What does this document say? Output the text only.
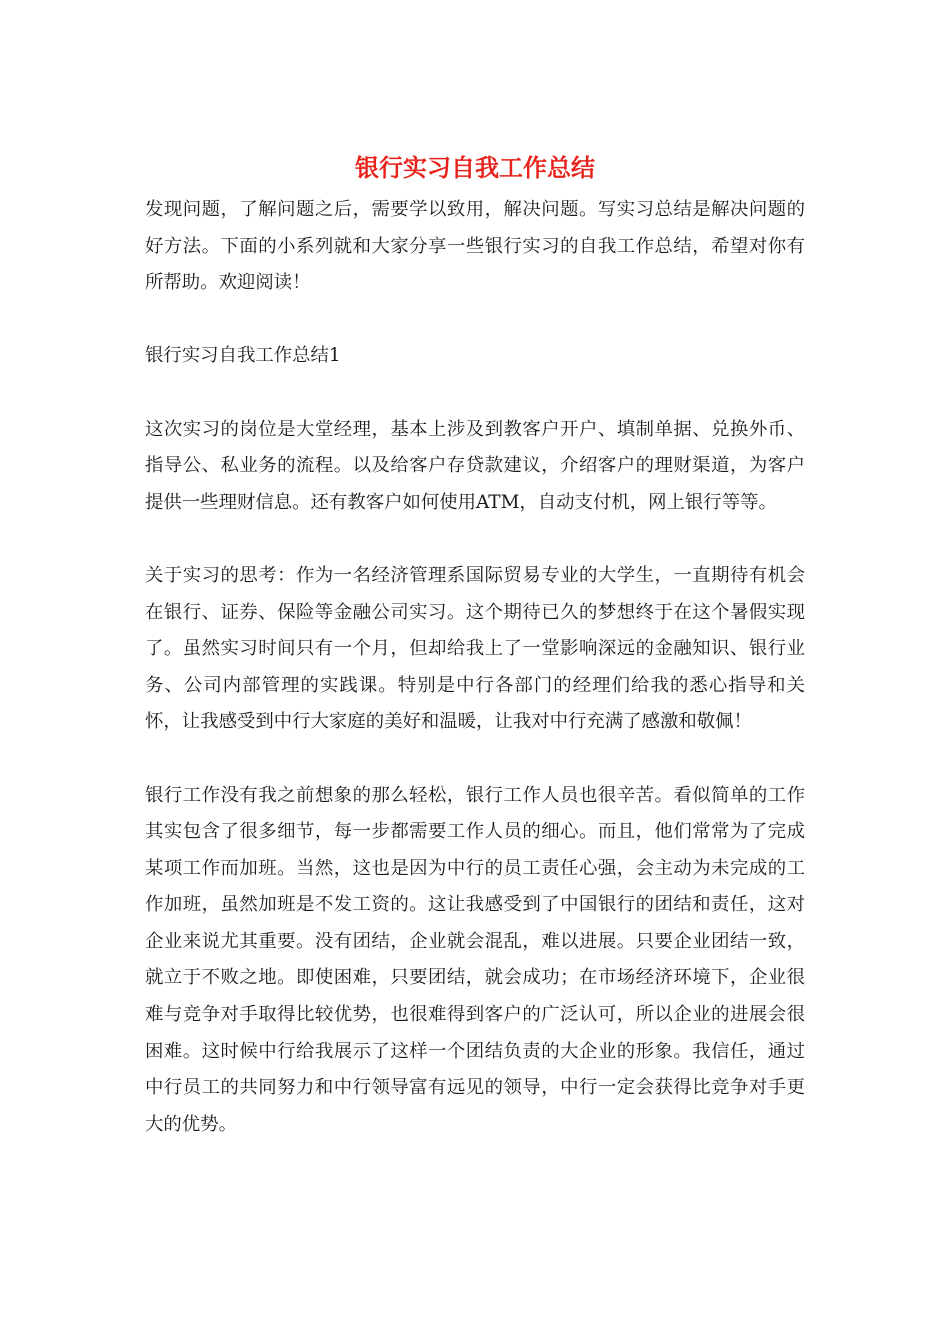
银行实习自我工作总结

发现问题，了解问题之后，需要学以致用，解决问题。写实习总结是解决问题的好方法。下面的小系列就和大家分享一些银行实习的自我工作总结，希望对你有所帮助。欢迎阅读！

银行实习自我工作总结1

这次实习的岗位是大堂经理，基本上涉及到教客户开户、填制单据、兑换外币、指导公、私业务的流程。以及给客户存贷款建议，介绍客户的理财渠道，为客户提供一些理财信息。还有教客户如何使用ATM，自动支付机，网上银行等等。

关于实习的思考：作为一名经济管理系国际贸易专业的大学生，一直期待有机会在银行、证券、保险等金融公司实习。这个期待已久的梦想终于在这个暑假实现了。虽然实习时间只有一个月，但却给我上了一堂影响深远的金融知识、银行业务、公司内部管理的实践课。特别是中行各部门的经理们给我的悉心指导和关怀，让我感受到中行大家庭的美好和温暖，让我对中行充满了感激和敬佩！

银行工作没有我之前想象的那么轻松，银行工作人员也很辛苦。看似简单的工作其实包含了很多细节，每一步都需要工作人员的细心。而且，他们常常为了完成某项工作而加班。当然，这也是因为中行的员工责任心强，会主动为未完成的工作加班，虽然加班是不发工资的。这让我感受到了中国银行的团结和责任，这对企业来说尤其重要。没有团结，企业就会混乱，难以进展。只要企业团结一致，就立于不败之地。即使困难，只要团结，就会成功；在市场经济环境下，企业很难与竞争对手取得比较优势，也很难得到客户的广泛认可，所以企业的进展会很困难。这时候中行给我展示了这样一个团结负责的大企业的形象。我信任，通过中行员工的共同努力和中行领导富有远见的领导，中行一定会获得比竞争对手更大的优势。
